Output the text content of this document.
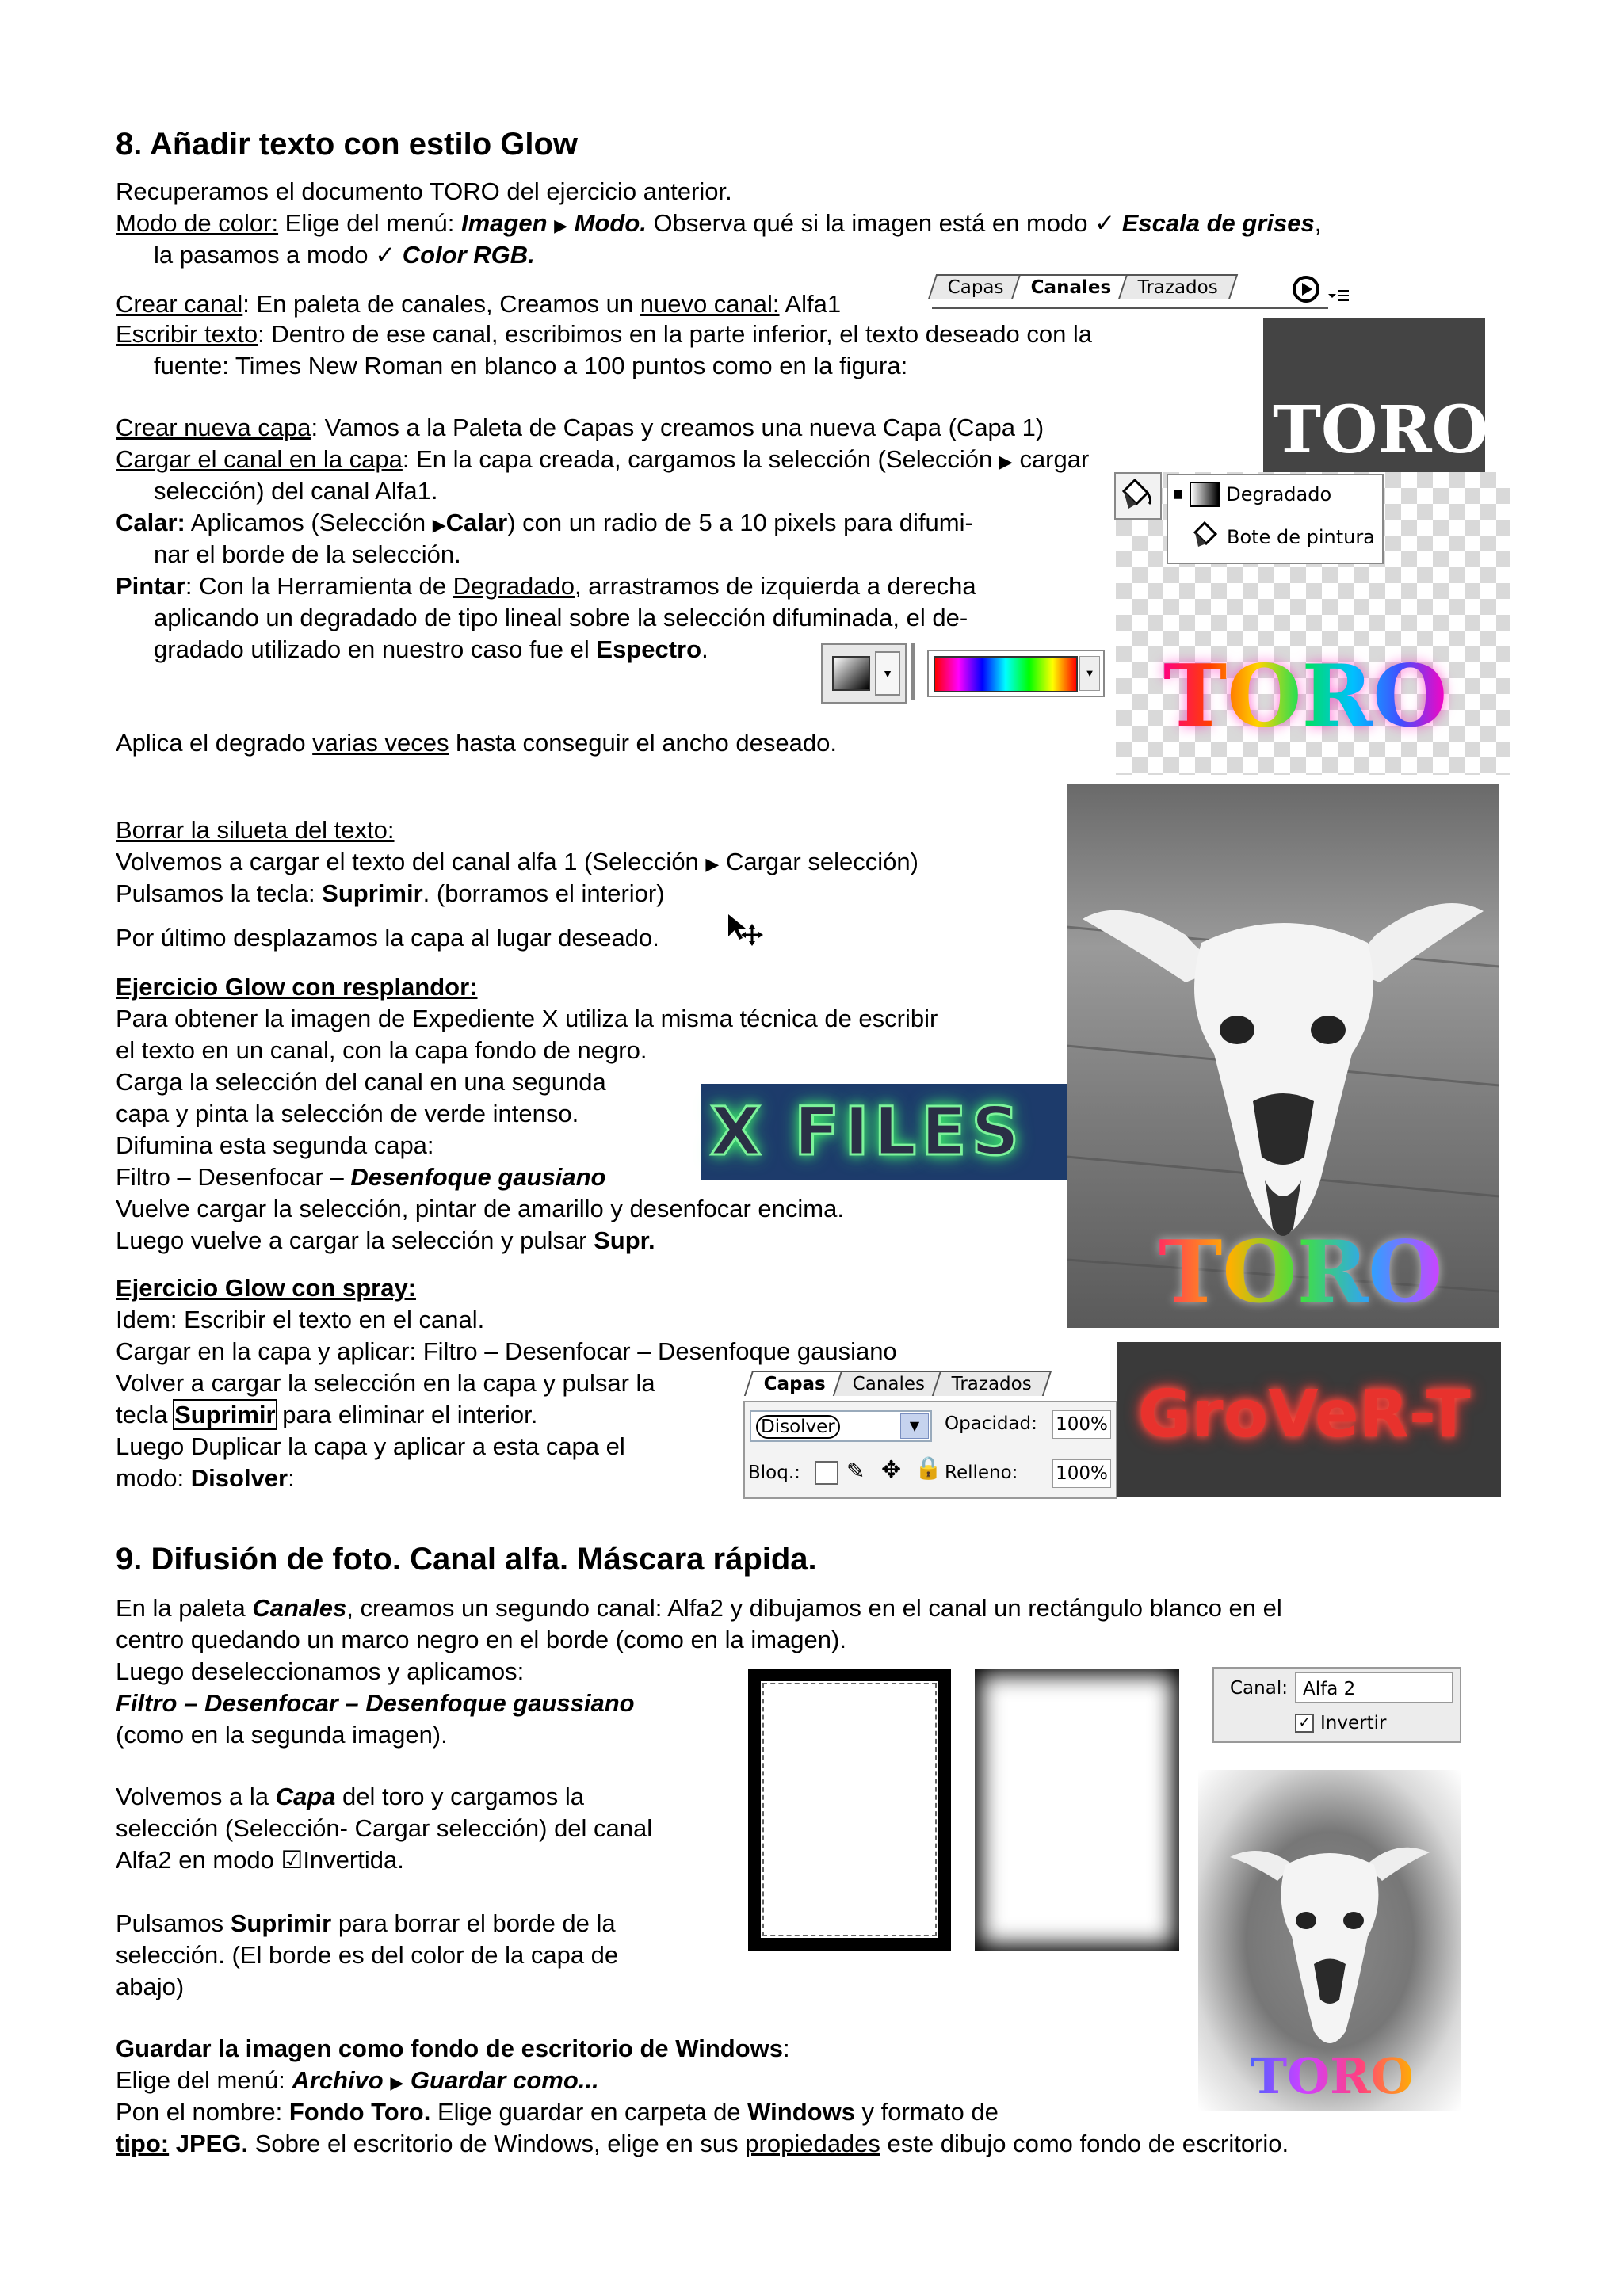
8. Añadir texto con estilo Glow
Recuperamos el documento TORO del ejercicio anterior.
Modo de color: Elige del menú: Imagen ▶ Modo. Observa qué si la imagen está en modo ✓ Escala de grises,
la pasamos a modo ✓ Color RGB.
Crear canal: En paleta de canales, Creamos un nuevo canal: Alfa1
Escribir texto: Dentro de ese canal, escribimos en la parte inferior, el texto deseado con la
fuente: Times New Roman en blanco a 100 puntos como en la figura:
Crear nueva capa: Vamos a la Paleta de Capas y creamos una nueva Capa (Capa 1)
Cargar el canal en la capa: En la capa creada, cargamos la selección (Selección ▶ cargar
selección) del canal Alfa1.
Calar: Aplicamos (Selección ▶Calar) con un radio de 5 a 10 pixels para difumi-
nar el borde de la selección.
Pintar: Con la Herramienta de Degradado, arrastramos de izquierda a derecha
aplicando un degradado de tipo lineal sobre la selección difuminada, el de-
gradado utilizado en nuestro caso fue el Espectro.
Aplica el degrado varias veces hasta conseguir el ancho deseado.
Borrar la silueta del texto:
Volvemos a cargar el texto del canal alfa 1 (Selección ▶ Cargar selección)
Pulsamos la tecla: Suprimir. (borramos el interior)
Por último desplazamos la capa al lugar deseado.
Ejercicio Glow con resplandor:
Para obtener la imagen de Expediente X utiliza la misma técnica de escribir
el texto en un canal, con la capa fondo de negro.
Carga la selección del canal en una segunda
capa y pinta la selección de verde intenso.
Difumina esta segunda capa:
Filtro – Desenfocar – Desenfoque gausiano
Vuelve cargar la selección, pintar de amarillo y desenfocar encima.
Luego vuelve a cargar la selección y pulsar Supr.
Ejercicio Glow con spray:
Idem: Escribir el texto en el canal.
Cargar en la capa y aplicar: Filtro – Desenfocar – Desenfoque gausiano
Volver a cargar la selección en la capa y pulsar la
tecla Suprimir para eliminar el interior.
Luego Duplicar la capa y aplicar a esta capa el
modo: Disolver:
Capas	Canales	Trazados
TORO
TORO
■ Degradado
Bote de pintura
▼	▼
TORO
X FILES
Capas	Canales	Trazados
Disolver	▼	Opacidad: 100%
Bloq.: ✎ ✥ 🔒 Relleno: 100%
GroVeR-T
9. Difusión de foto. Canal alfa. Máscara rápida.
En la paleta Canales, creamos un segundo canal: Alfa2 y dibujamos en el canal un rectángulo blanco en el
centro quedando un marco negro en el borde (como en la imagen).
Luego deseleccionamos y aplicamos:
Filtro – Desenfocar – Desenfoque gaussiano
(como en la segunda imagen).
Volvemos a la Capa del toro y cargamos la
selección (Selección- Cargar selección) del canal
Alfa2 en modo ☑Invertida.
Pulsamos Suprimir para borrar el borde de la
selección. (El borde es del color de la capa de
abajo)
Guardar la imagen como fondo de escritorio de Windows:
Elige del menú: Archivo ▶ Guardar como...
Pon el nombre: Fondo Toro. Elige guardar en carpeta de Windows y formato de
tipo: JPEG. Sobre el escritorio de Windows, elige en sus propiedades este dibujo como fondo de escritorio.
Canal: Alfa 2
✓ Invertir
TORO
